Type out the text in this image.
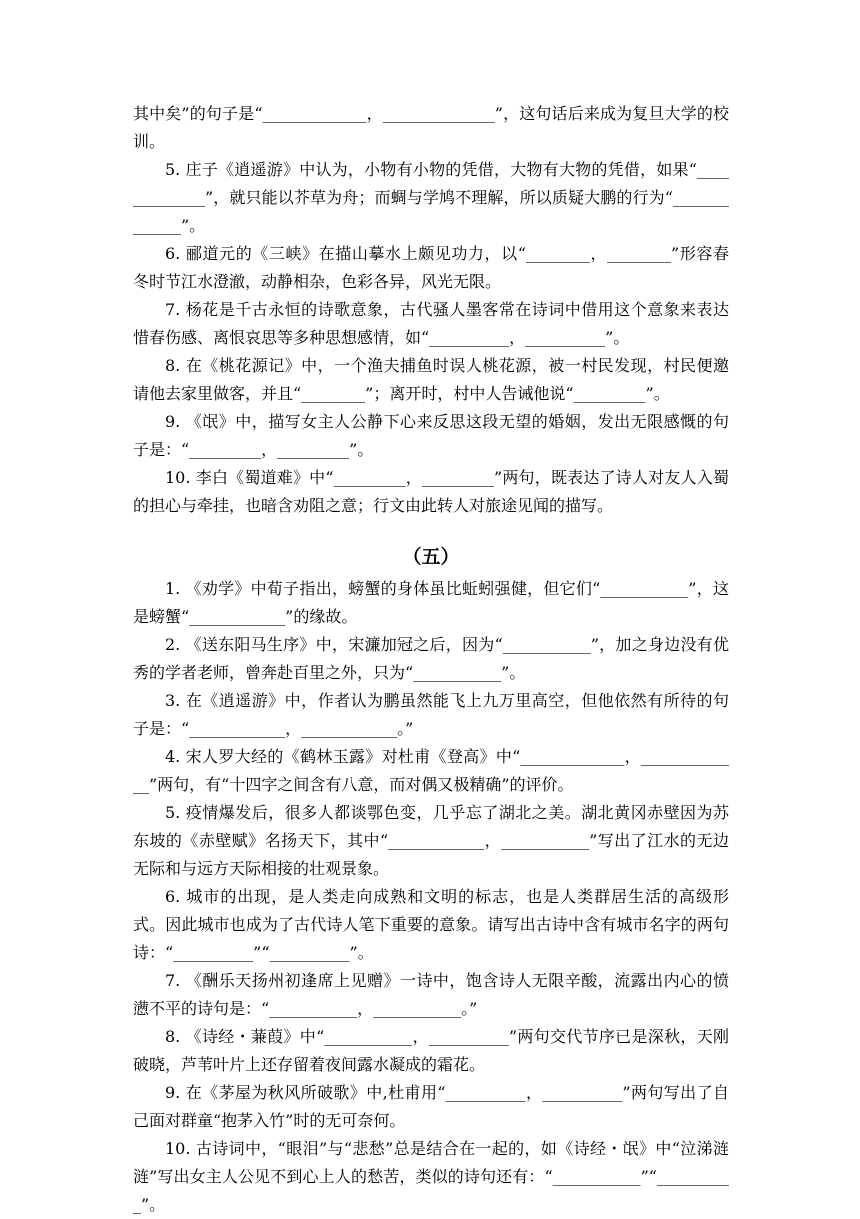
其中矣”的句子是“_____________，______________”，这句话后来成为复旦大学的校训。

5. 庄子《逍遥游》中认为，小物有小物的凭借，大物有大物的凭借，如果“_____________”，就只能以芥草为舟；而蜩与学鸠不理解，所以质疑大鹏的行为“_____________”。

6. 郦道元的《三峡》在描山摹水上颇见功力，以“________，________”形容春冬时节江水澄澈，动静相杂，色彩各异，风光无限。

7. 杨花是千古永恒的诗歌意象，古代骚人墨客常在诗词中借用这个意象来表达惜春伤感、离恨哀思等多种思想感情，如“__________，__________”。

8. 在《桃花源记》中，一个渔夫捕鱼时误人桃花源，被一村民发现，村民便邀请他去家里做客，并且“________”；离开时，村中人告诫他说“_________”。

9. 《氓》中，描写女主人公静下心来反思这段无望的婚姻，发出无限感慨的句子是：“_________，_________”。

10. 李白《蜀道难》中“_________，_________”两句，既表达了诗人对友人入蜀的担心与牵挂，也暗含劝阻之意；行文由此转人对旅途见闻的描写。

（五）

1. 《劝学》中荀子指出，螃蟹的身体虽比蚯蚓强健，但它们“___________”，这是螃蟹“____________”的缘故。

2. 《送东阳马生序》中，宋濂加冠之后，因为“___________”，加之身边没有优秀的学者老师，曾奔赴百里之外，只为“___________”。

3. 在《逍遥游》中，作者认为鹏虽然能飞上九万里高空，但他依然有所待的句子是：“____________，____________。”

4. 宋人罗大经的《鹤林玉露》对杜甫《登高》中“_____________，_____________”两句，有“十四字之间含有八意，而对偶又极精确”的评价。

5. 疫情爆发后，很多人都谈鄂色变，几乎忘了湖北之美。湖北黄冈赤壁因为苏东坡的《赤壁赋》名扬天下，其中“____________，___________”写出了江水的无边无际和与远方天际相接的壮观景象。

6. 城市的出现，是人类走向成熟和文明的标志，也是人类群居生活的高级形式。因此城市也成为了古代诗人笔下重要的意象。请写出古诗中含有城市名字的两句诗：“__________”“__________”。

7. 《酬乐天扬州初逢席上见赠》一诗中，饱含诗人无限辛酸，流露出内心的愤懑不平的诗句是：“___________，___________。”

8. 《诗经・蒹葭》中“___________，__________”两句交代节序已是深秋，天刚破晓，芦苇叶片上还存留着夜间露水凝成的霜花。

9. 在《茅屋为秋风所破歌》中,杜甫用“__________，__________”两句写出了自己面对群童“抱茅入竹”时的无可奈何。

10. 古诗词中，“眼泪”与“悲愁”总是结合在一起的，如《诗经・氓》中“泣涕涟涟”写出女主人公见不到心上人的愁苦，类似的诗句还有：“___________”“__________”。
